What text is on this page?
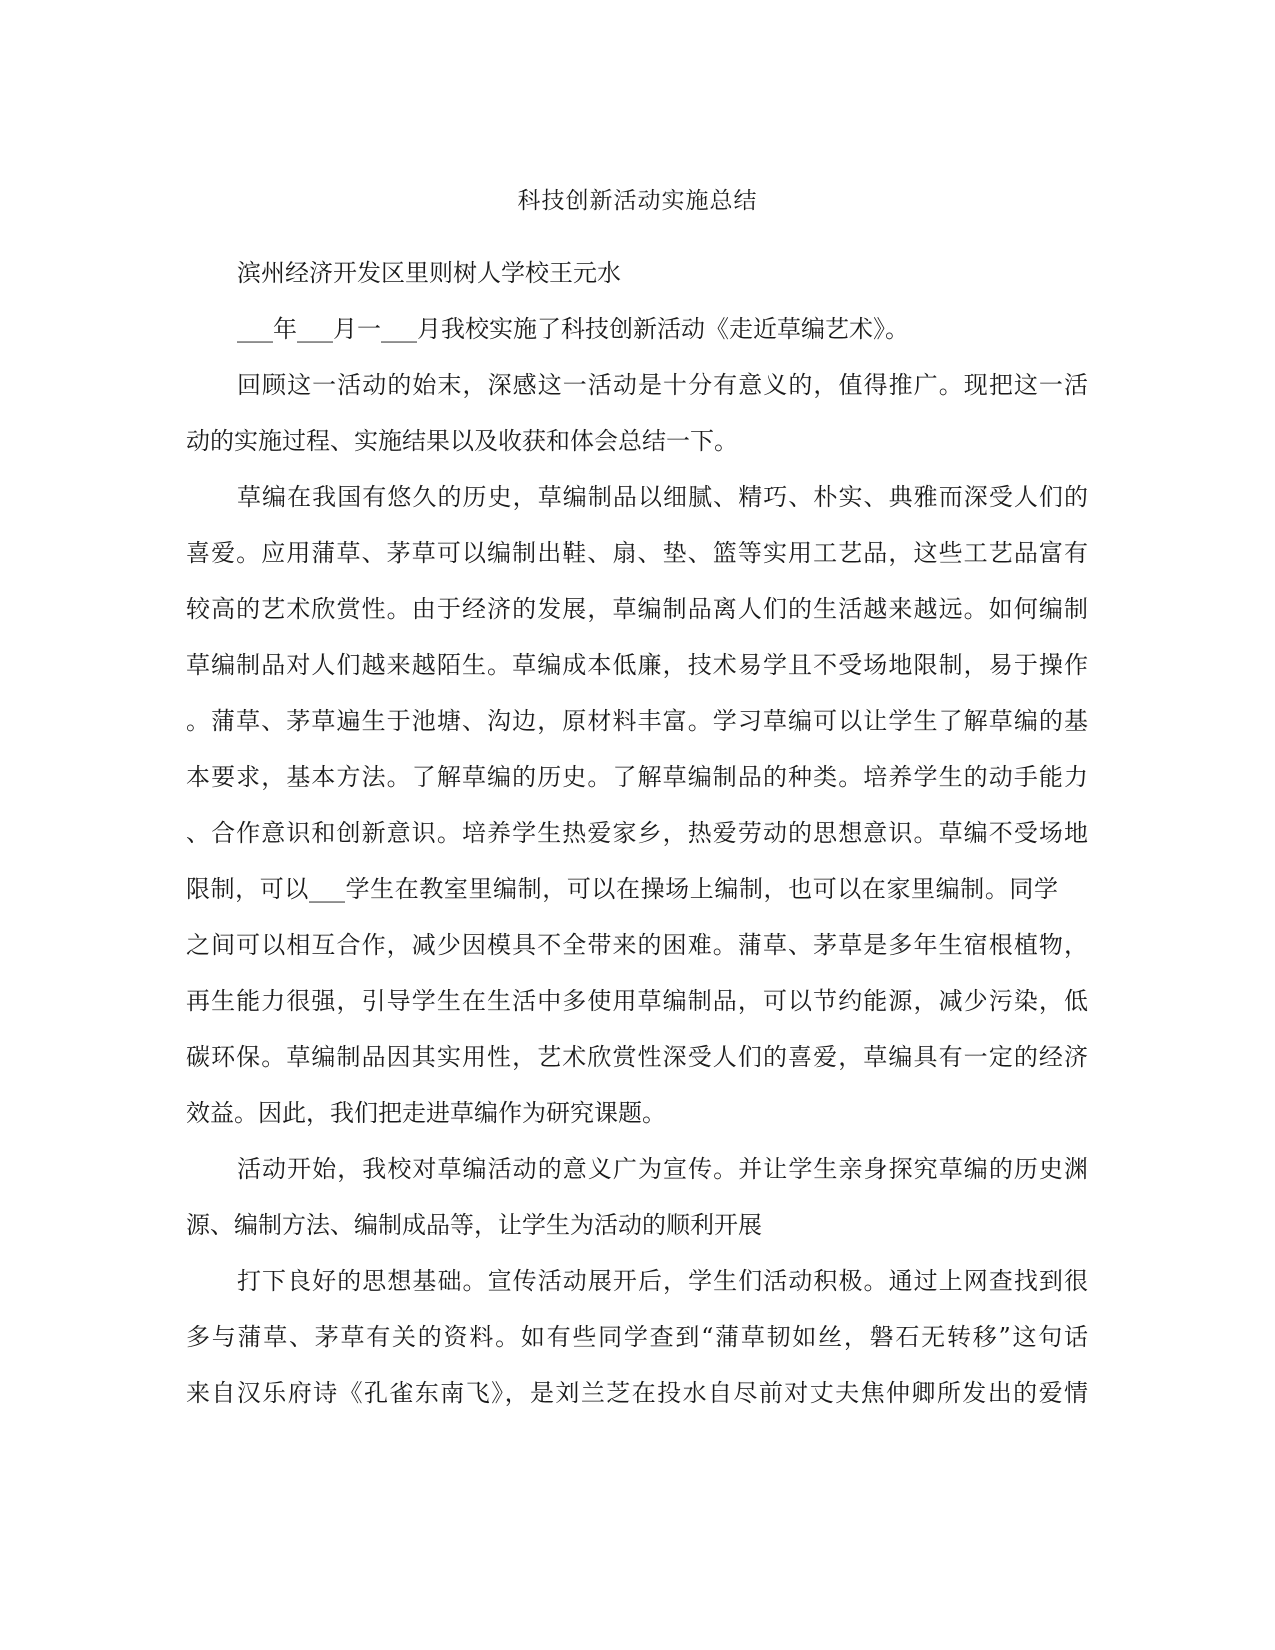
科技创新活动实施总结
滨州经济开发区里则树人学校王元水
___年___月一___月我校实施了科技创新活动《走近草编艺术》。
回顾这一活动的始末，深感这一活动是十分有意义的，值得推广。现把这一活
动的实施过程、实施结果以及收获和体会总结一下。
草编在我国有悠久的历史，草编制品以细腻、精巧、朴实、典雅而深受人们的
喜爱。应用蒲草、茅草可以编制出鞋、扇、垫、篮等实用工艺品，这些工艺品富有
较高的艺术欣赏性。由于经济的发展，草编制品离人们的生活越来越远。如何编制
草编制品对人们越来越陌生。草编成本低廉，技术易学且不受场地限制，易于操作
。蒲草、茅草遍生于池塘、沟边，原材料丰富。学习草编可以让学生了解草编的基
本要求，基本方法。了解草编的历史。了解草编制品的种类。培养学生的动手能力
、合作意识和创新意识。培养学生热爱家乡，热爱劳动的思想意识。草编不受场地
限制，可以___学生在教室里编制，可以在操场上编制，也可以在家里编制。同学
之间可以相互合作，减少因模具不全带来的困难。蒲草、茅草是多年生宿根植物，
再生能力很强，引导学生在生活中多使用草编制品，可以节约能源，减少污染，低
碳环保。草编制品因其实用性，艺术欣赏性深受人们的喜爱，草编具有一定的经济
效益。因此，我们把走进草编作为研究课题。
活动开始，我校对草编活动的意义广为宣传。并让学生亲身探究草编的历史渊
源、编制方法、编制成品等，让学生为活动的顺利开展
打下良好的思想基础。宣传活动展开后，学生们活动积极。通过上网查找到很
多与蒲草、茅草有关的资料。如有些同学查到“蒲草韧如丝，磐石无转移”这句话
来自汉乐府诗《孔雀东南飞》，是刘兰芝在投水自尽前对丈夫焦仲卿所发出的爱情
